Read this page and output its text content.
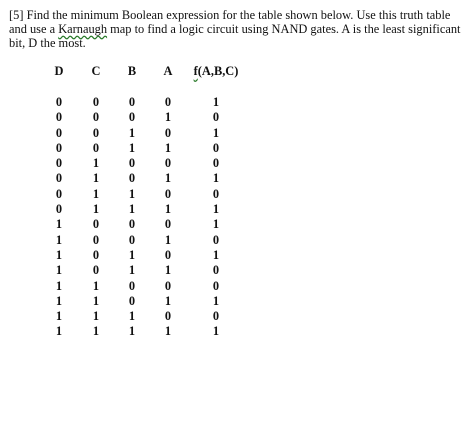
[5] Find the minimum Boolean expression for the table shown below. Use this truth table and use a Karnaugh map to find a logic circuit using NAND gates. A is the least significant bit, D the most.

D	C	B	A	f(A,B,C)

0	0	0	0	1
0	0	0	1	0
0	0	1	0	1
0	0	1	1	0
0	1	0	0	0
0	1	0	1	1
0	1	1	0	0
0	1	1	1	1
1	0	0	0	1
1	0	0	1	0
1	0	1	0	1
1	0	1	1	0
1	1	0	0	0
1	1	0	1	1
1	1	1	0	0
1	1	1	1	1
